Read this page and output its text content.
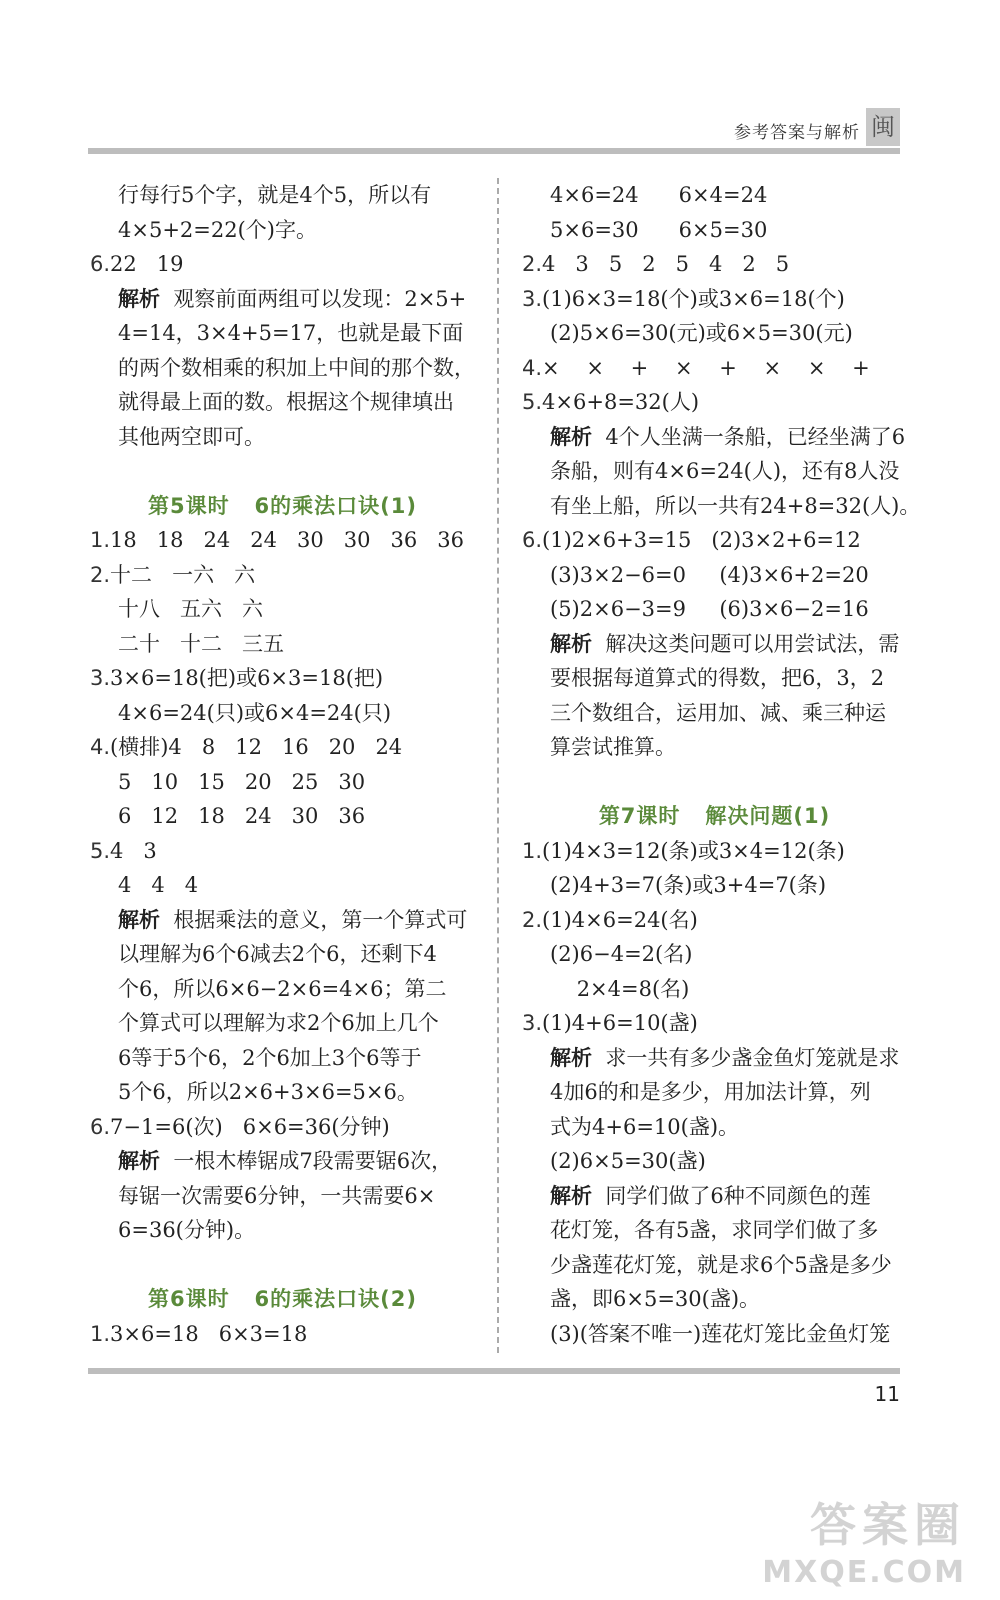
参考答案与解析 闽
行每行5个字，就是4个5，所以有
4×5+2=22(个)字。
6.22   19
解析  观察前面两组可以发现：2×5+
4=14，3×4+5=17，也就是最下面
的两个数相乘的积加上中间的那个数，
就得最上面的数。根据这个规律填出
其他两空即可。
第5课时   6的乘法口诀(1)
1.18   18   24   24   30   30   36   36
2.十二   一六   六
十八   五六   六
二十   十二   三五
3.3×6=18(把)或6×3=18(把)
4×6=24(只)或6×4=24(只)
4.(横排)4   8   12   16   20   24
5   10   15   20   25   30
6   12   18   24   30   36
5.4   3
4   4   4
解析  根据乘法的意义，第一个算式可
以理解为6个6减去2个6，还剩下4
个6，所以6×6−2×6=4×6；第二
个算式可以理解为求2个6加上几个
6等于5个6，2个6加上3个6等于
5个6，所以2×6+3×6=5×6。
6.7−1=6(次)   6×6=36(分钟)
解析  一根木棒锯成7段需要锯6次，
每锯一次需要6分钟，一共需要6×
6=36(分钟)。
第6课时   6的乘法口诀(2)
1.3×6=18   6×3=18
4×6=24      6×4=24
5×6=30      6×5=30
2.4   3   5   2   5   4   2   5
3.(1)6×3=18(个)或3×6=18(个)
(2)5×6=30(元)或6×5=30(元)
4.×    ×    +    ×    +    ×    ×    +
5.4×6+8=32(人)
解析  4个人坐满一条船，已经坐满了6
条船，则有4×6=24(人)，还有8人没
有坐上船，所以一共有24+8=32(人)。
6.(1)2×6+3=15   (2)3×2+6=12
(3)3×2−6=0     (4)3×6+2=20
(5)2×6−3=9     (6)3×6−2=16
解析  解决这类问题可以用尝试法，需
要根据每道算式的得数，把6，3，2
三个数组合，运用加、减、乘三种运
算尝试推算。
第7课时   解决问题(1)
1.(1)4×3=12(条)或3×4=12(条)
(2)4+3=7(条)或3+4=7(条)
2.(1)4×6=24(名)
(2)6−4=2(名)
2×4=8(名)
3.(1)4+6=10(盏)
解析  求一共有多少盏金鱼灯笼就是求
4加6的和是多少，用加法计算，列
式为4+6=10(盏)。
(2)6×5=30(盏)
解析  同学们做了6种不同颜色的莲
花灯笼，各有5盏，求同学们做了多
少盏莲花灯笼，就是求6个5盏是多少
盏，即6×5=30(盏)。
(3)(答案不唯一)莲花灯笼比金鱼灯笼
11
答案圈
MXQE.COM
